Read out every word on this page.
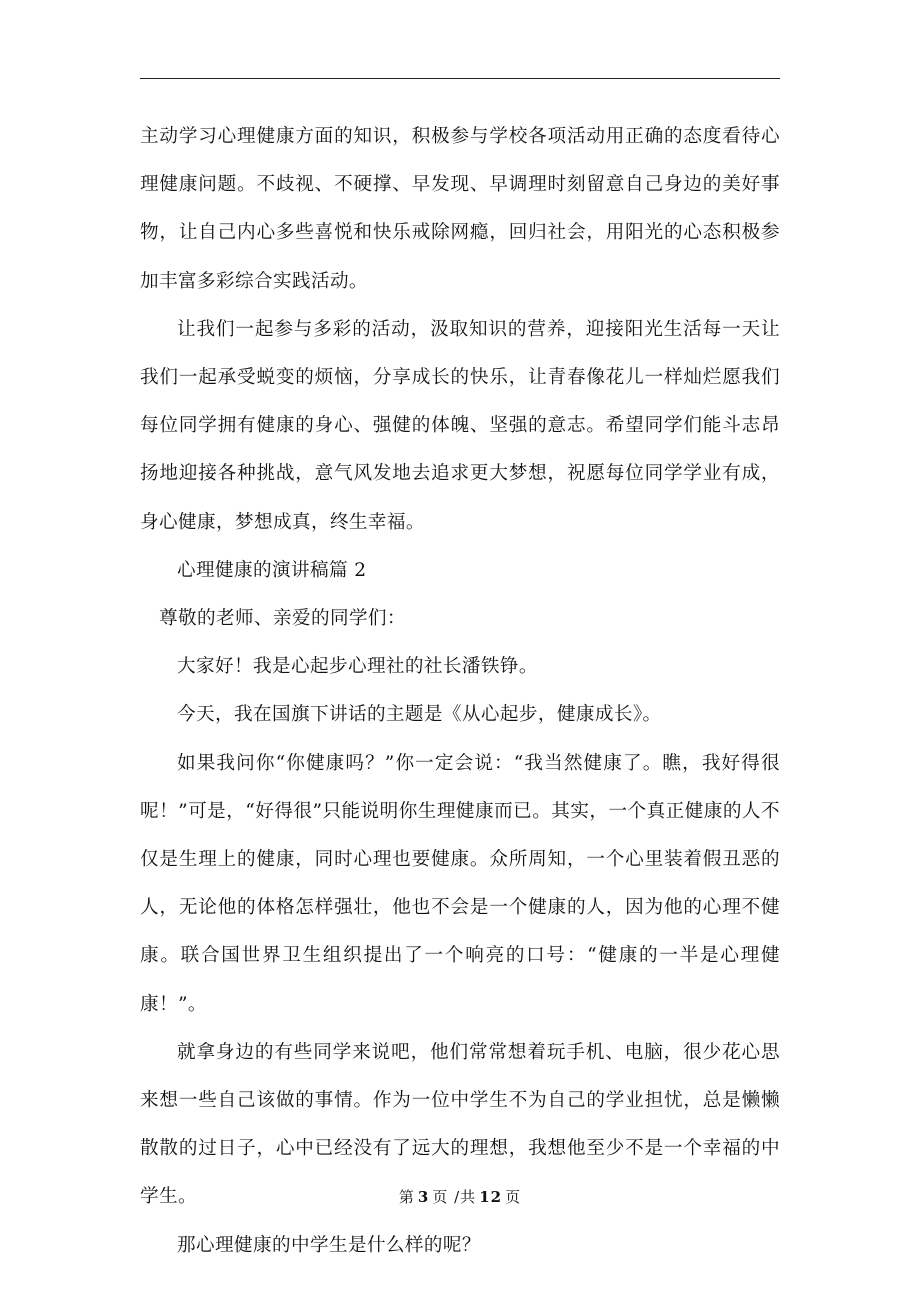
主动学习心理健康方面的知识，积极参与学校各项活动用正确的态度看待心理健康问题。不歧视、不硬撑、早发现、早调理时刻留意自己身边的美好事物，让自己内心多些喜悦和快乐戒除网瘾，回归社会，用阳光的心态积极参加丰富多彩综合实践活动。

让我们一起参与多彩的活动，汲取知识的营养，迎接阳光生活每一天让我们一起承受蜕变的烦恼，分享成长的快乐，让青春像花儿一样灿烂愿我们每位同学拥有健康的身心、强健的体魄、坚强的意志。希望同学们能斗志昂扬地迎接各种挑战，意气风发地去追求更大梦想，祝愿每位同学学业有成，身心健康，梦想成真，终生幸福。

心理健康的演讲稿篇 2

尊敬的老师、亲爱的同学们：

大家好！我是心起步心理社的社长潘铁铮。

今天，我在国旗下讲话的主题是《从心起步，健康成长》。

如果我问你“你健康吗？”你一定会说：“我当然健康了。瞧，我好得很呢！”可是，“好得很”只能说明你生理健康而已。其实，一个真正健康的人不仅是生理上的健康，同时心理也要健康。众所周知，一个心里装着假丑恶的人，无论他的体格怎样强壮，他也不会是一个健康的人，因为他的心理不健康。联合国世界卫生组织提出了一个响亮的口号：“健康的一半是心理健康！”。

就拿身边的有些同学来说吧，他们常常想着玩手机、电脑，很少花心思来想一些自己该做的事情。作为一位中学生不为自己的学业担忧，总是懒懒散散的过日子，心中已经没有了远大的理想，我想他至少不是一个幸福的中学生。

那心理健康的中学生是什么样的呢？

第 3 页 /共 12 页
